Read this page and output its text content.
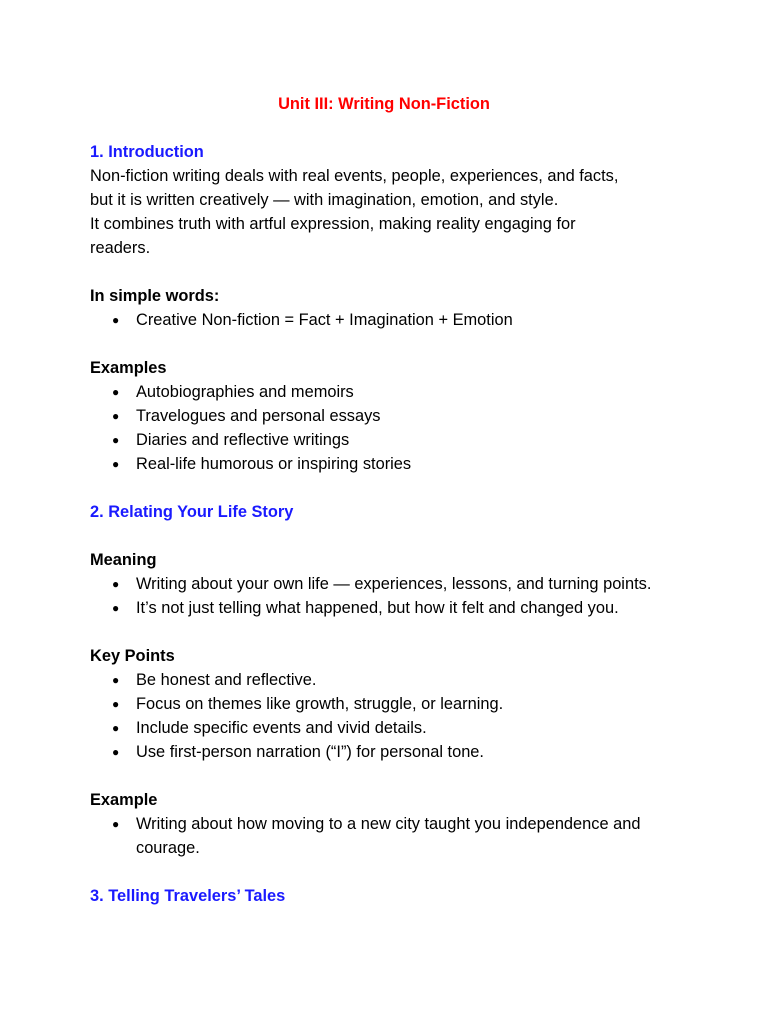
Unit III: Writing Non-Fiction
1. Introduction

Non-fiction writing deals with real events, people, experiences, and facts,

but it is written creatively — with imagination, emotion, and style.

It combines truth with artful expression, making reality engaging for

readers.

In simple words:
● Creative Non-fiction = Fact + Imagination + Emotion
Examples
● Autobiographies and memoirs
● Travelogues and personal essays
● Diaries and reflective writings
● Real-life humorous or inspiring stories
2. Relating Your Life Story
Meaning
● Writing about your own life — experiences, lessons, and turning points.
● It’s not just telling what happened, but how it felt and changed you.
Key Points
● Be honest and reflective.
● Focus on themes like growth, struggle, or learning.
● Include specific events and vivid details.
● Use first-person narration (“I”) for personal tone.
Example
● Writing about how moving to a new city taught you independence and courage.
3. Telling Travelers’ Tales
